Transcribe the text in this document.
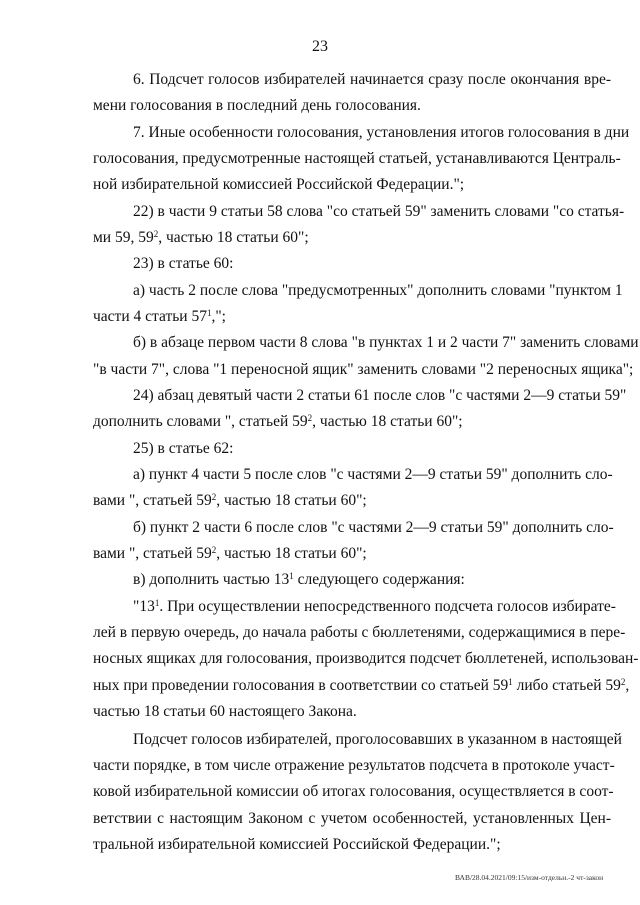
23
6. Подсчет голосов избирателей начинается сразу после окончания вре-
мени голосования в последний день голосования.
7. Иные особенности голосования, установления итогов голосования в дни
голосования, предусмотренные настоящей статьей, устанавливаются Централь-
ной избирательной комиссией Российской Федерации.";
22) в части 9 статьи 58 слова "со статьей 59" заменить словами "со статья-
ми 59, $59^2$, частью 18 статьи 60";
23) в статье 60:
а) часть 2 после слова "предусмотренных" дополнить словами "пунктом 1
части 4 статьи $57^1$,";
б) в абзаце первом части 8 слова "в пунктах 1 и 2 части 7" заменить словами
"в части 7", слова "1 переносной ящик" заменить словами "2 переносных ящика";
24) абзац девятый части 2 статьи 61 после слов "с частями 2—9 статьи 59"
дополнить словами ", статьей $59^2$, частью 18 статьи 60";
25) в статье 62:
а) пункт 4 части 5 после слов "с частями 2—9 статьи 59" дополнить сло-
вами ", статьей $59^2$, частью 18 статьи 60";
б) пункт 2 части 6 после слов "с частями 2—9 статьи 59" дополнить сло-
вами ", статьей $59^2$, частью 18 статьи 60";
в) дополнить частью $13^1$ следующего содержания:
"$13^1$. При осуществлении непосредственного подсчета голосов избирате-
лей в первую очередь, до начала работы с бюллетенями, содержащимися в пере-
носных ящиках для голосования, производится подсчет бюллетеней, использован-
ных при проведении голосования в соответствии со статьей $59^1$ либо статьей $59^2$,
частью 18 статьи 60 настоящего Закона.
Подсчет голосов избирателей, проголосовавших в указанном в настоящей
части порядке, в том числе отражение результатов подсчета в протоколе участ-
ковой избирательной комиссии об итогах голосования, осуществляется в соот-
ветствии с настоящим Законом с учетом особенностей, установленных Цен-
тральной избирательной комиссией Российской Федерации.";
ВАВ/28.04.2021/09:15/изм-отдельн.-2 чт-закон
